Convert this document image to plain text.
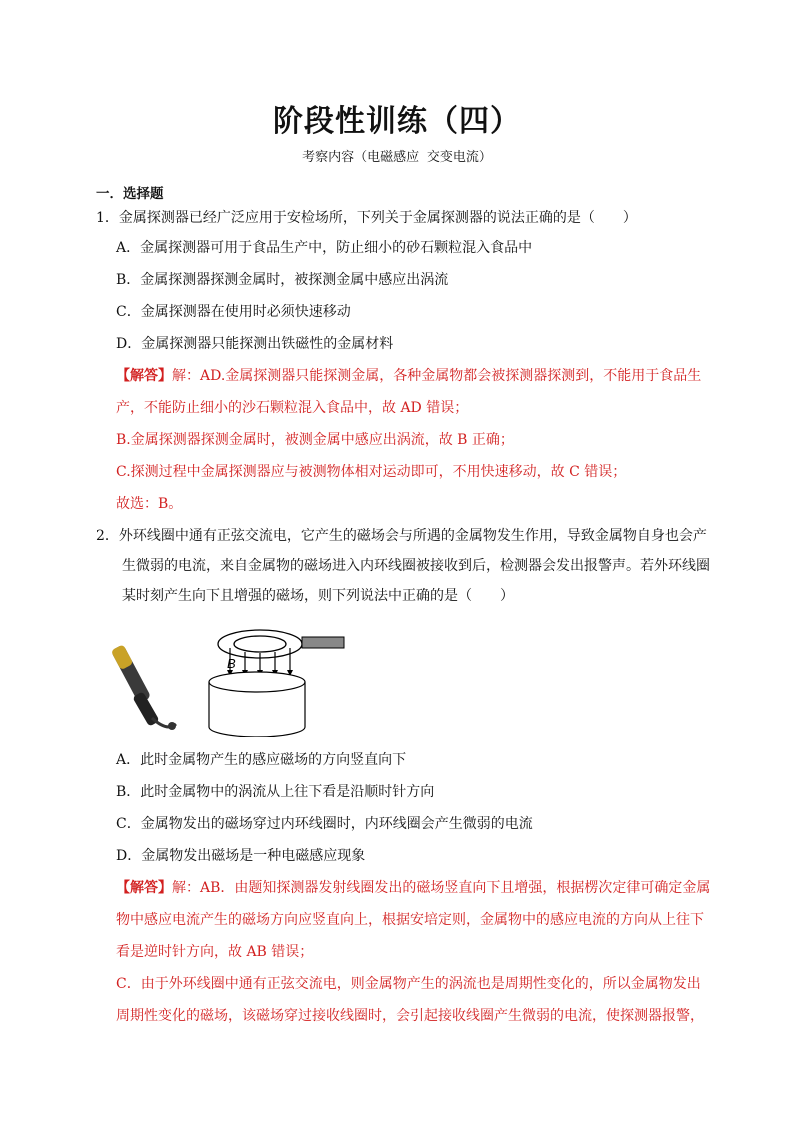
阶段性训练（四）
考察内容（电磁感应 交变电流）
一．选择题
1．金属探测器已经广泛应用于安检场所，下列关于金属探测器的说法正确的是（　　）
A．金属探测器可用于食品生产中，防止细小的砂石颗粒混入食品中
B．金属探测器探测金属时，被探测金属中感应出涡流
C．金属探测器在使用时必须快速移动
D．金属探测器只能探测出铁磁性的金属材料
【解答】解：AD.金属探测器只能探测金属，各种金属物都会被探测器探测到，不能用于食品生
产，不能防止细小的沙石颗粒混入食品中，故 AD 错误；
B.金属探测器探测金属时，被测金属中感应出涡流，故 B 正确；
C.探测过程中金属探测器应与被测物体相对运动即可，不用快速移动，故 C 错误；
故选：B。
2．外环线圈中通有正弦交流电，它产生的磁场会与所遇的金属物发生作用，导致金属物自身也会产
生微弱的电流，来自金属物的磁场进入内环线圈被接收到后，检测器会发出报警声。若外环线圈
某时刻产生向下且增强的磁场，则下列说法中正确的是（　　）
B
A．此时金属物产生的感应磁场的方向竖直向下
B．此时金属物中的涡流从上往下看是沿顺时针方向
C．金属物发出的磁场穿过内环线圈时，内环线圈会产生微弱的电流
D．金属物发出磁场是一种电磁感应现象
【解答】解：AB．由题知探测器发射线圈发出的磁场竖直向下且增强，根据楞次定律可确定金属
物中感应电流产生的磁场方向应竖直向上，根据安培定则，金属物中的感应电流的方向从上往下
看是逆时针方向，故 AB 错误；
C．由于外环线圈中通有正弦交流电，则金属物产生的涡流也是周期性变化的，所以金属物发出
周期性变化的磁场，该磁场穿过接收线圈时，会引起接收线圈产生微弱的电流，使探测器报警，
